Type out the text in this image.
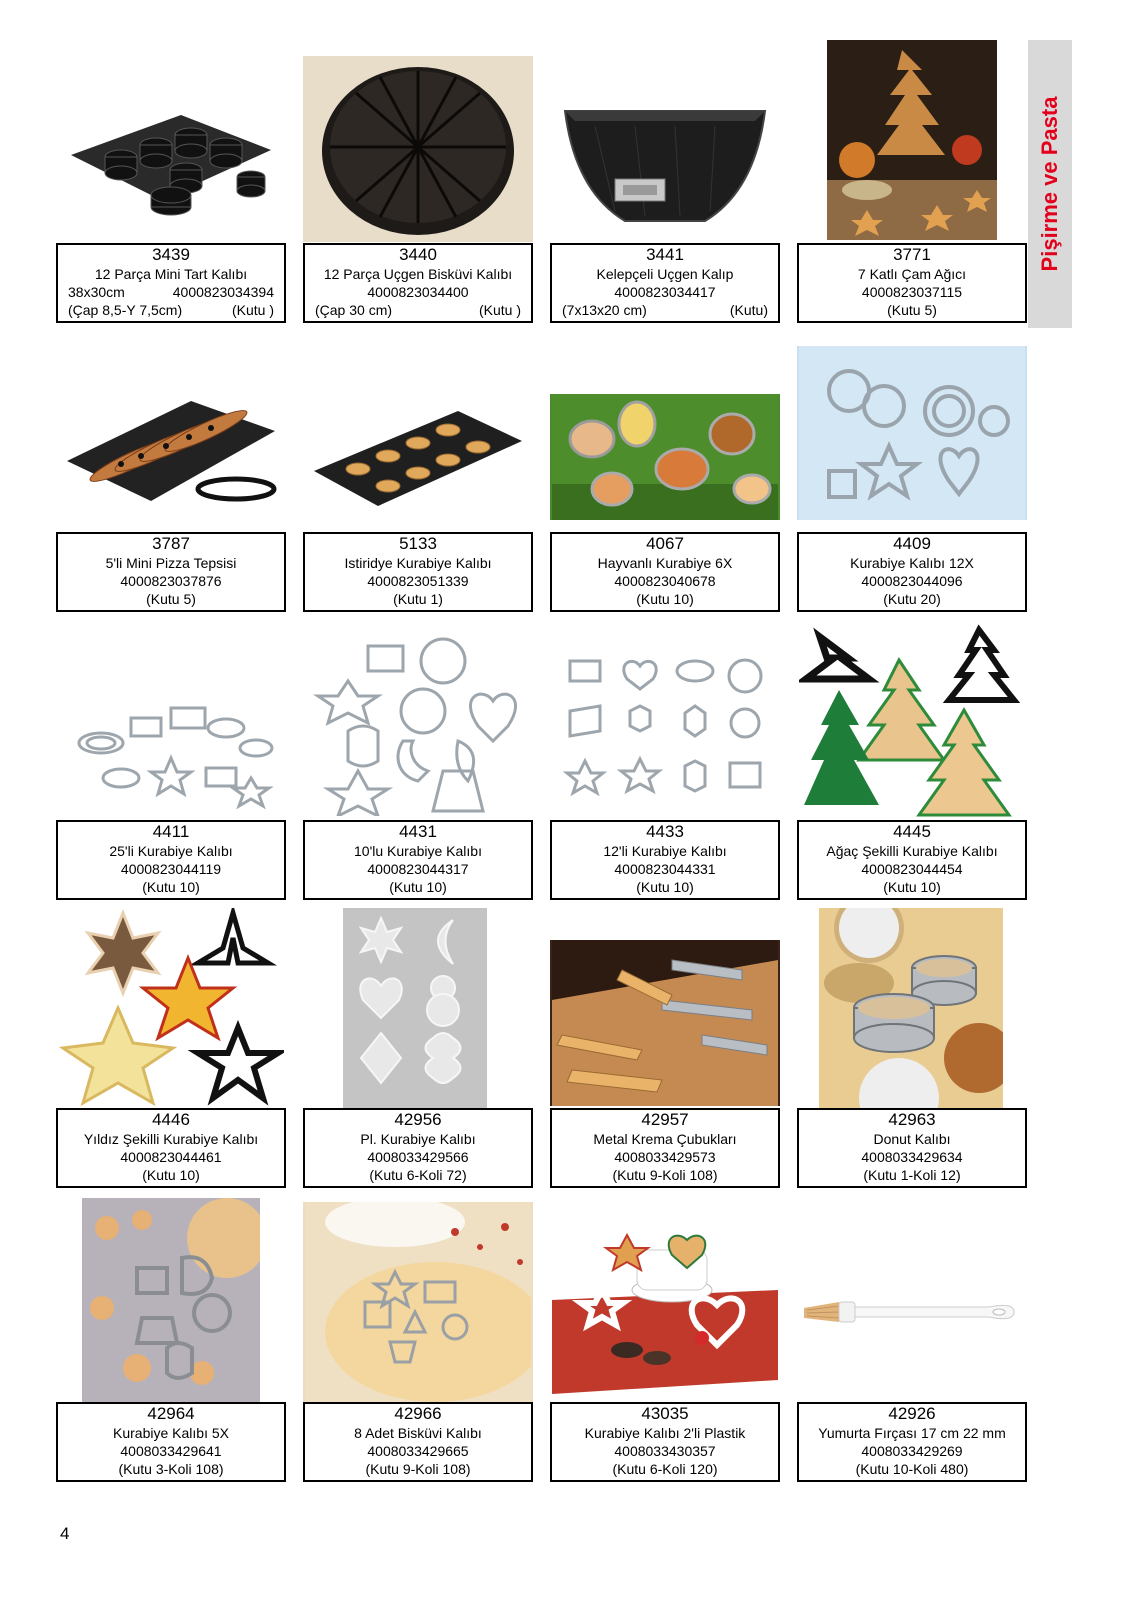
Pişirme ve Pasta
3439
12 Parça Mini Tart Kalıbı
38x30cm	4000823034394
(Çap 8,5-Y 7,5cm)	(Kutu )
3440
12 Parça Uçgen Bisküvi Kalıbı
4000823034400
(Çap 30 cm)	(Kutu )
3441
Kelepçeli Uçgen Kalıp
4000823034417
(7x13x20 cm)	(Kutu)
3771
7 Katlı Çam Ağıcı
4000823037115
(Kutu 5)
3787
5'li Mini Pizza Tepsisi
4000823037876
(Kutu 5)
5133
Istiridye Kurabiye Kalıbı
4000823051339
(Kutu 1)
4067
Hayvanlı Kurabiye 6X
4000823040678
(Kutu 10)
4409
Kurabiye Kalıbı 12X
4000823044096
(Kutu 20)
4411
25'li Kurabiye Kalıbı
4000823044119
(Kutu 10)
4431
10'lu Kurabiye Kalıbı
4000823044317
(Kutu 10)
4433
12'li Kurabiye Kalıbı
4000823044331
(Kutu 10)
4445
Ağaç Şekilli Kurabiye Kalıbı
4000823044454
(Kutu 10)
4446
Yıldız Şekilli Kurabiye Kalıbı
4000823044461
(Kutu 10)
42956
Pl. Kurabiye Kalıbı
4008033429566
(Kutu 6-Koli 72)
42957
Metal Krema Çubukları
4008033429573
(Kutu 9-Koli 108)
42963
Donut Kalıbı
4008033429634
(Kutu 1-Koli 12)
42964
Kurabiye Kalıbı 5X
4008033429641
(Kutu 3-Koli 108)
42966
8 Adet Bisküvi Kalıbı
4008033429665
(Kutu 9-Koli 108)
43035
Kurabiye Kalıbı 2'li Plastik
4008033430357
(Kutu 6-Koli 120)
42926
Yumurta Fırçası 17 cm 22 mm
4008033429269
(Kutu 10-Koli 480)
4
